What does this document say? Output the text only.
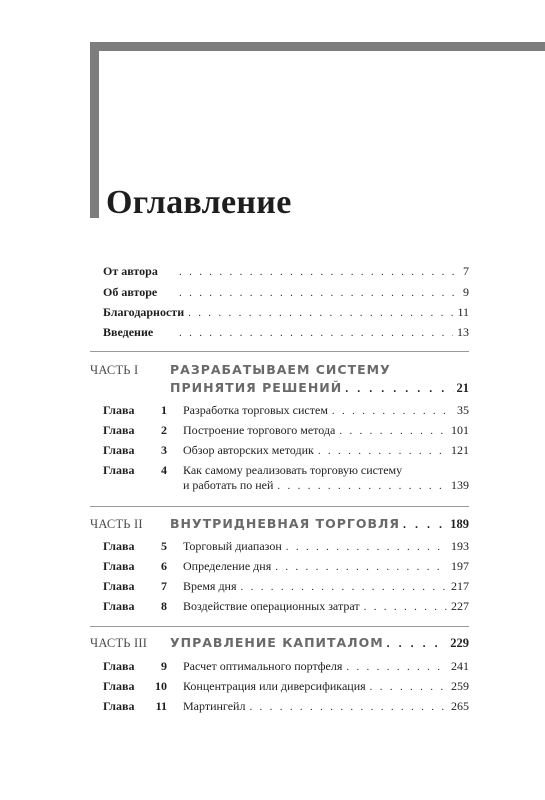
Оглавление
От автора . . .	7
Об авторе . . .	9
Благодарности . . .	11
Введение . . .	13
ЧАСТЬ I	РАЗРАБАТЫВАЕМ СИСТЕМУ
ПРИНЯТИЯ РЕШЕНИЙ . . .	21
Глава	1 Разработка торговых систем . . .	35
Глава	2 Построение торгового метода . . .	101
Глава	3 Обзор авторских методик . . .	121
Глава	4 Как самому реализовать торговую систему
и работать по ней . . .	139
ЧАСТЬ II	ВНУТРИДНЕВНАЯ ТОРГОВЛЯ . . .	189
Глава	5 Торговый диапазон . . .	193
Глава	6 Определение дня . . .	197
Глава	7 Время дня . . .	217
Глава	8 Воздействие операционных затрат . . .	227
ЧАСТЬ III	УПРАВЛЕНИЕ КАПИТАЛОМ . . .	229
Глава	9 Расчет оптимального портфеля . . .	241
Глава	10 Концентрация или диверсификация . . .	259
Глава	11 Мартингейл . . .	265
